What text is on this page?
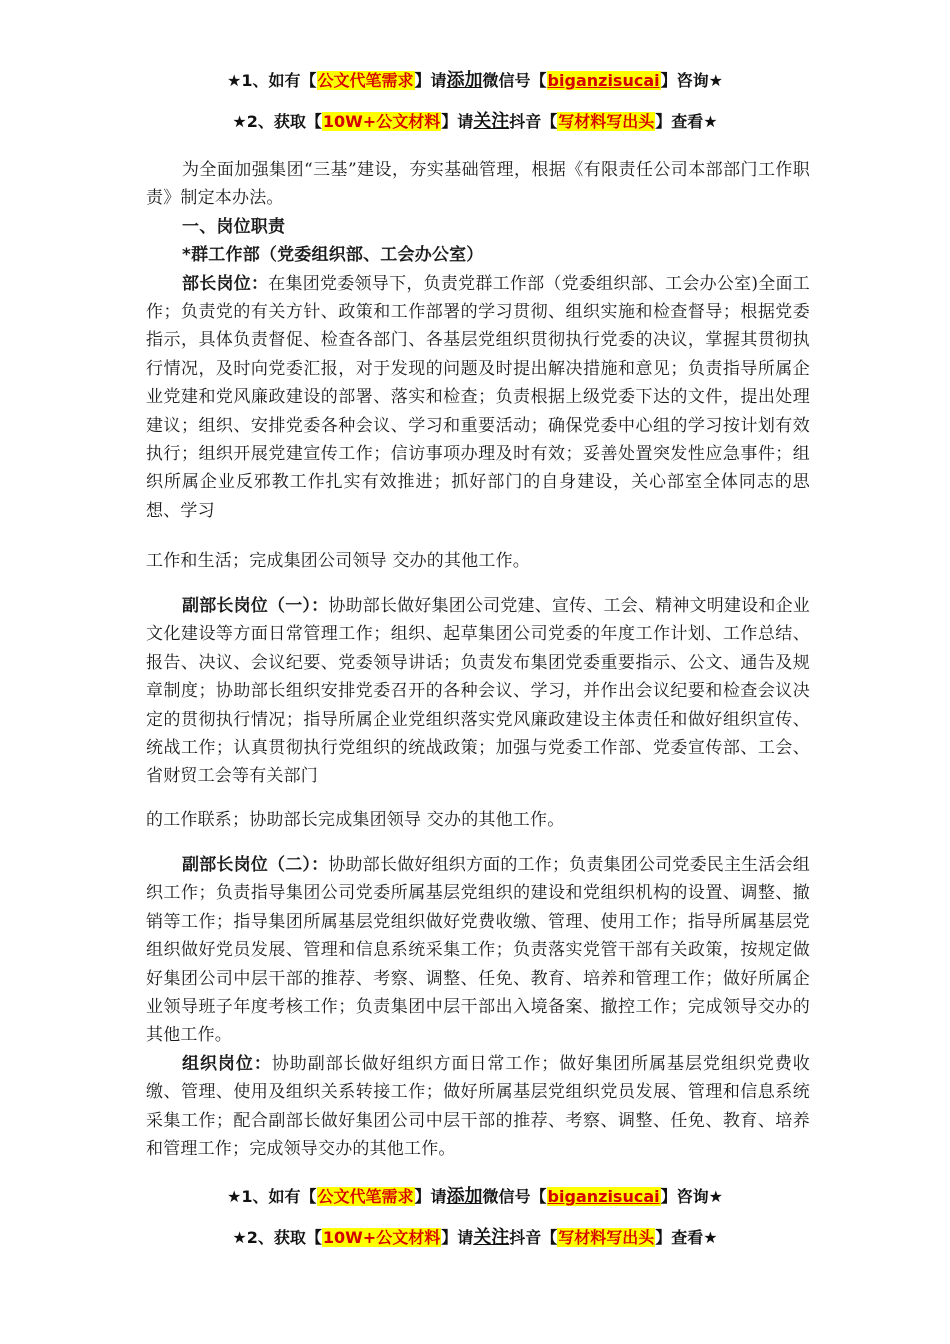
★1、如有【公文代笔需求】请添加微信号【biganzisucai】咨询★
★2、获取【10W+公文材料】请关注抖音【写材料写出头】查看★
为全面加强集团“三基”建设，夯实基础管理，根据《有限责任公司本部部门工作职责》制定本办法。
一、岗位职责
*群工作部（党委组织部、工会办公室）
部长岗位：在集团党委领导下，负责党群工作部（党委组织部、工会办公室)全面工作；负责党的有关方针、政策和工作部署的学习贯彻、组织实施和检查督导；根据党委指示，具体负责督促、检查各部门、各基层党组织贯彻执行党委的决议，掌握其贯彻执行情况，及时向党委汇报，对于发现的问题及时提出解决措施和意见；负责指导所属企业党建和党风廉政建设的部署、落实和检查；负责根据上级党委下达的文件，提出处理建议；组织、安排党委各种会议、学习和重要活动；确保党委中心组的学习按计划有效执行；组织开展党建宣传工作；信访事项办理及时有效；妥善处置突发性应急事件；组织所属企业反邪教工作扎实有效推进；抓好部门的自身建设，关心部室全体同志的思想、学习
工作和生活；完成集团公司领导 交办的其他工作。
副部长岗位（一）：协助部长做好集团公司党建、宣传、工会、精神文明建设和企业文化建设等方面日常管理工作；组织、起草集团公司党委的年度工作计划、工作总结、报告、决议、会议纪要、党委领导讲话；负责发布集团党委重要指示、公文、通告及规章制度；协助部长组织安排党委召开的各种会议、学习，并作出会议纪要和检查会议决定的贯彻执行情况；指导所属企业党组织落实党风廉政建设主体责任和做好组织宣传、统战工作；认真贯彻执行党组织的统战政策；加强与党委工作部、党委宣传部、工会、省财贸工会等有关部门
的工作联系；协助部长完成集团领导 交办的其他工作。
副部长岗位（二）：协助部长做好组织方面的工作；负责集团公司党委民主生活会组织工作；负责指导集团公司党委所属基层党组织的建设和党组织机构的设置、调整、撤销等工作；指导集团所属基层党组织做好党费收缴、管理、使用工作；指导所属基层党组织做好党员发展、管理和信息系统采集工作；负责落实党管干部有关政策，按规定做好集团公司中层干部的推荐、考察、调整、任免、教育、培养和管理工作；做好所属企业领导班子年度考核工作；负责集团中层干部出入境备案、撤控工作；完成领导交办的其他工作。
组织岗位：协助副部长做好组织方面日常工作；做好集团所属基层党组织党费收缴、管理、使用及组织关系转接工作；做好所属基层党组织党员发展、管理和信息系统采集工作；配合副部长做好集团公司中层干部的推荐、考察、调整、任免、教育、培养和管理工作；完成领导交办的其他工作。
★1、如有【公文代笔需求】请添加微信号【biganzisucai】咨询★
★2、获取【10W+公文材料】请关注抖音【写材料写出头】查看★
